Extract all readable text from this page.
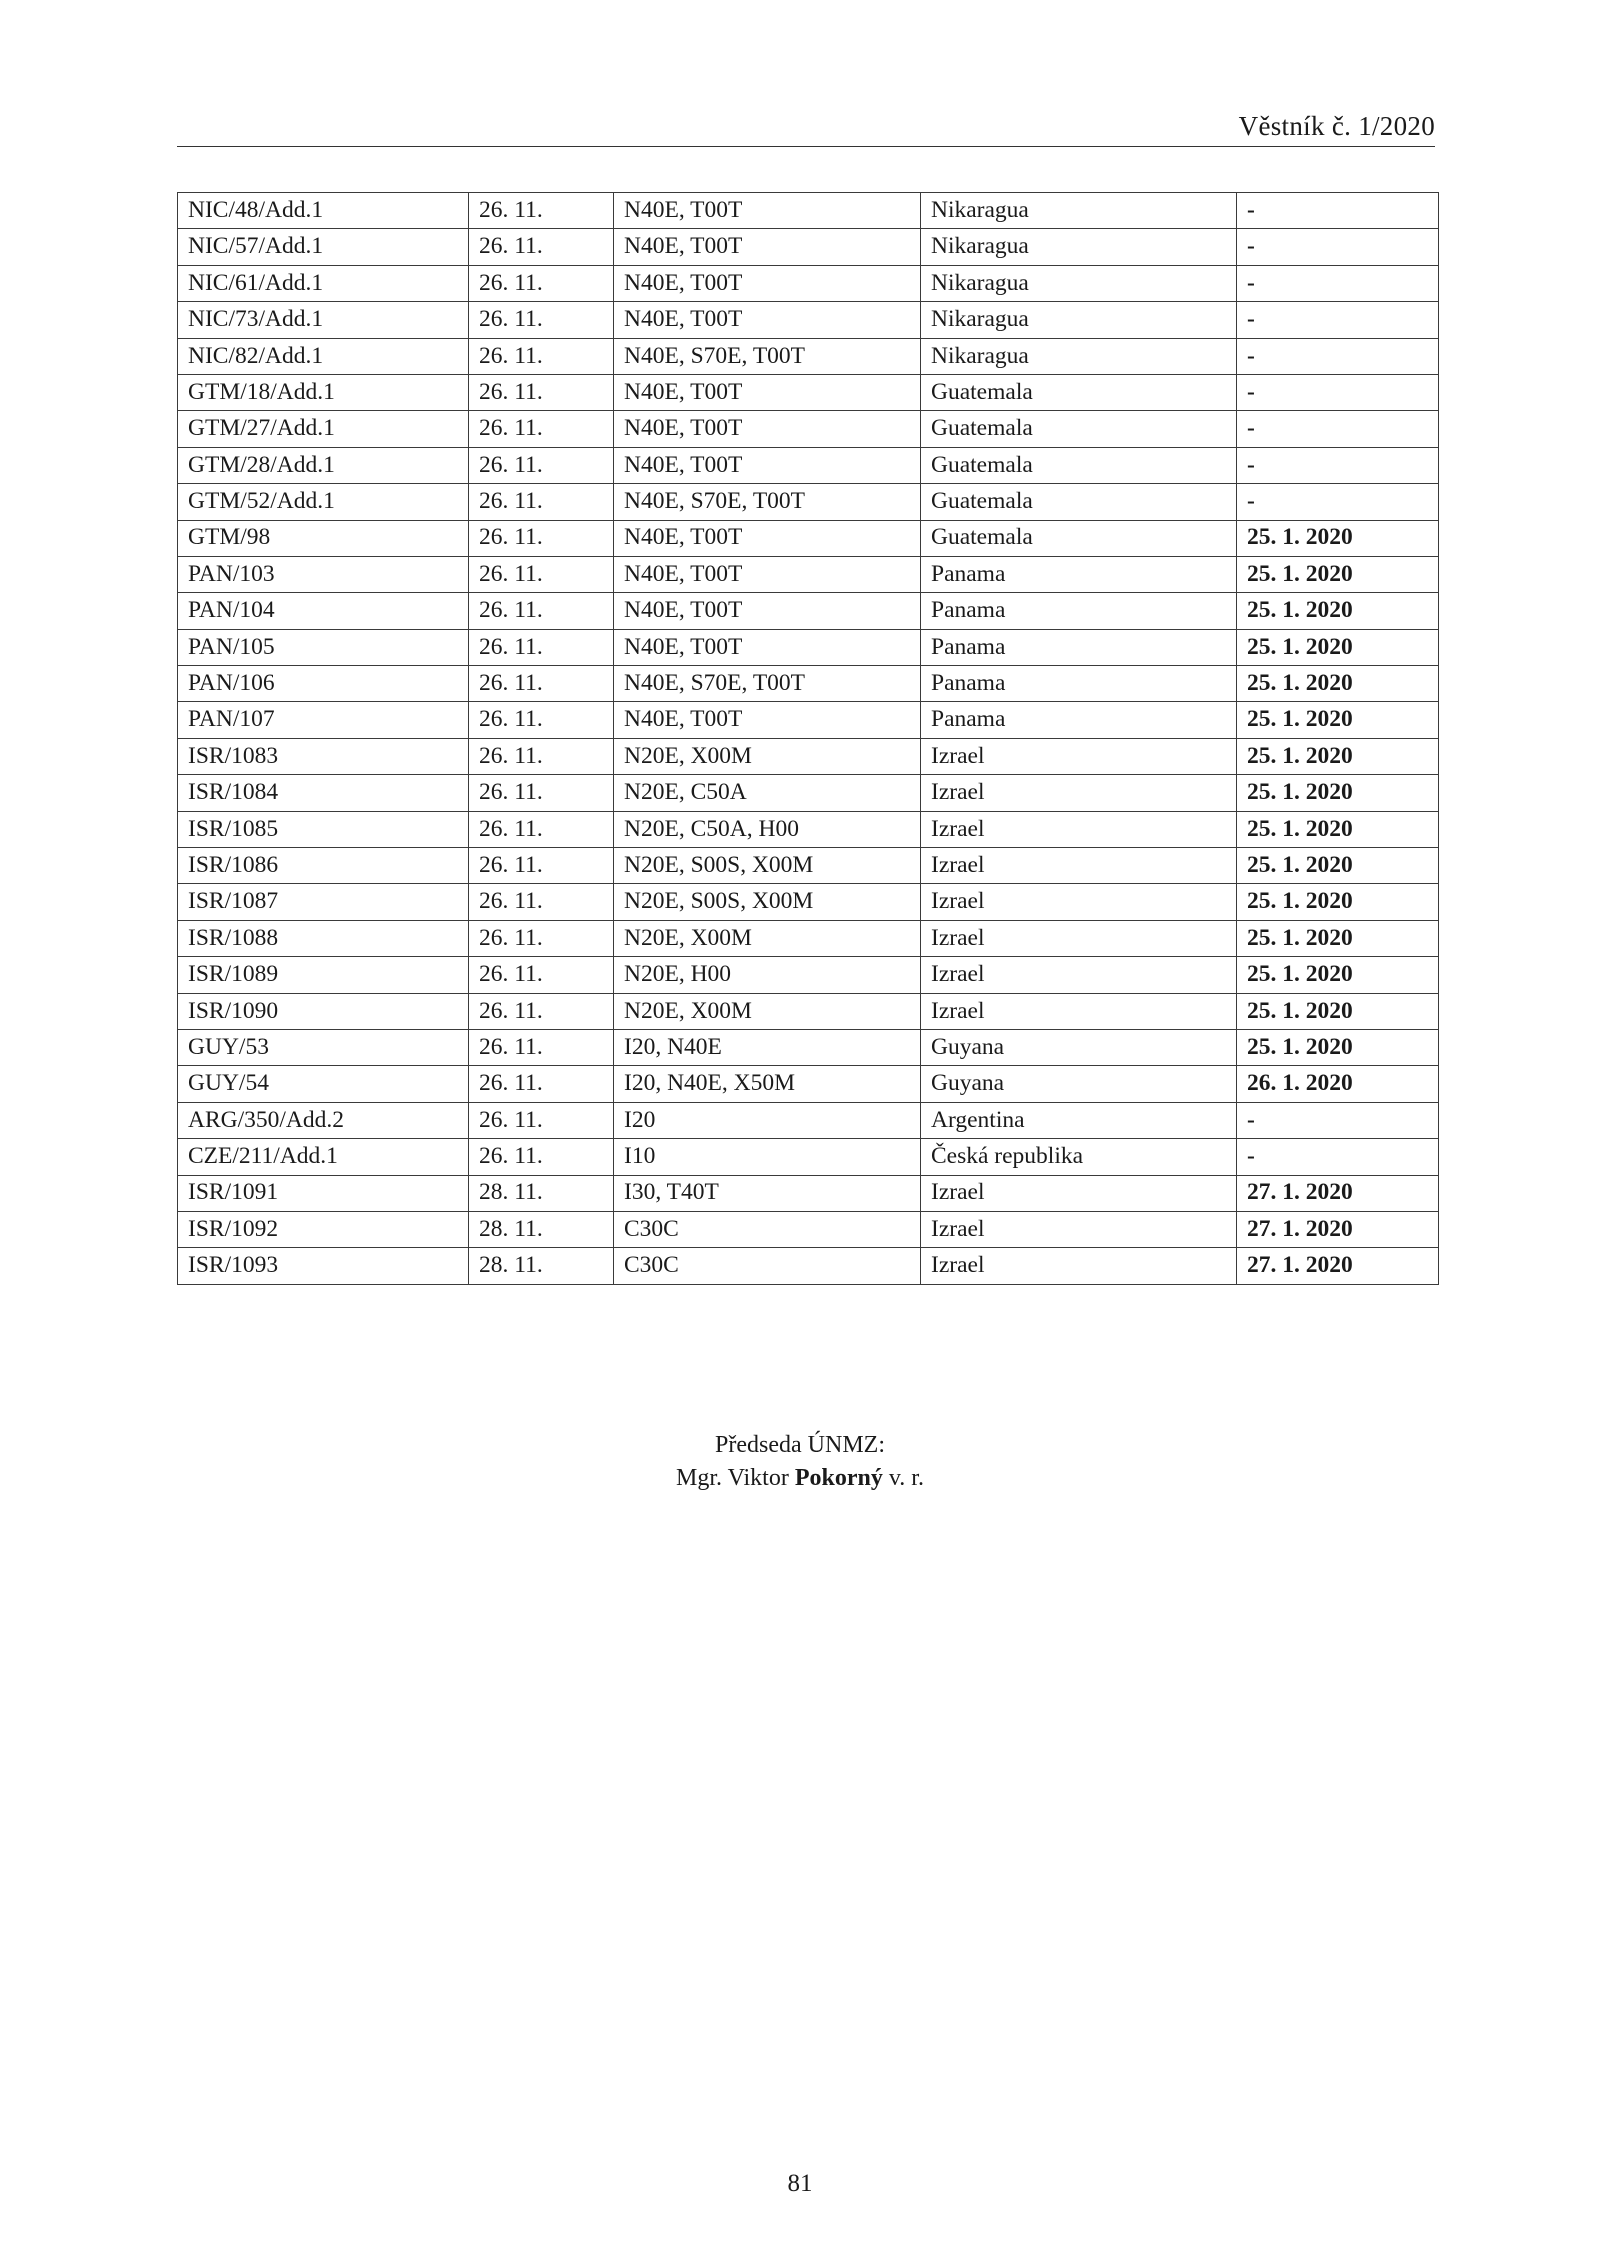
Věstník č. 1/2020
NIC/48/Add.1	26. 11.	N40E, T00T	Nikaragua	-
NIC/57/Add.1	26. 11.	N40E, T00T	Nikaragua	-
NIC/61/Add.1	26. 11.	N40E, T00T	Nikaragua	-
NIC/73/Add.1	26. 11.	N40E, T00T	Nikaragua	-
NIC/82/Add.1	26. 11.	N40E, S70E, T00T	Nikaragua	-
GTM/18/Add.1	26. 11.	N40E, T00T	Guatemala	-
GTM/27/Add.1	26. 11.	N40E, T00T	Guatemala	-
GTM/28/Add.1	26. 11.	N40E, T00T	Guatemala	-
GTM/52/Add.1	26. 11.	N40E, S70E, T00T	Guatemala	-
GTM/98	26. 11.	N40E, T00T	Guatemala	25. 1. 2020
PAN/103	26. 11.	N40E, T00T	Panama	25. 1. 2020
PAN/104	26. 11.	N40E, T00T	Panama	25. 1. 2020
PAN/105	26. 11.	N40E, T00T	Panama	25. 1. 2020
PAN/106	26. 11.	N40E, S70E, T00T	Panama	25. 1. 2020
PAN/107	26. 11.	N40E, T00T	Panama	25. 1. 2020
ISR/1083	26. 11.	N20E, X00M	Izrael	25. 1. 2020
ISR/1084	26. 11.	N20E, C50A	Izrael	25. 1. 2020
ISR/1085	26. 11.	N20E, C50A, H00	Izrael	25. 1. 2020
ISR/1086	26. 11.	N20E, S00S, X00M	Izrael	25. 1. 2020
ISR/1087	26. 11.	N20E, S00S, X00M	Izrael	25. 1. 2020
ISR/1088	26. 11.	N20E, X00M	Izrael	25. 1. 2020
ISR/1089	26. 11.	N20E, H00	Izrael	25. 1. 2020
ISR/1090	26. 11.	N20E, X00M	Izrael	25. 1. 2020
GUY/53	26. 11.	I20, N40E	Guyana	25. 1. 2020
GUY/54	26. 11.	I20, N40E, X50M	Guyana	26. 1. 2020
ARG/350/Add.2	26. 11.	I20	Argentina	-
CZE/211/Add.1	26. 11.	I10	Česká republika	-
ISR/1091	28. 11.	I30, T40T	Izrael	27. 1. 2020
ISR/1092	28. 11.	C30C	Izrael	27. 1. 2020
ISR/1093	28. 11.	C30C	Izrael	27. 1. 2020
Předseda ÚNMZ:
Mgr. Viktor Pokorný v. r.
81
